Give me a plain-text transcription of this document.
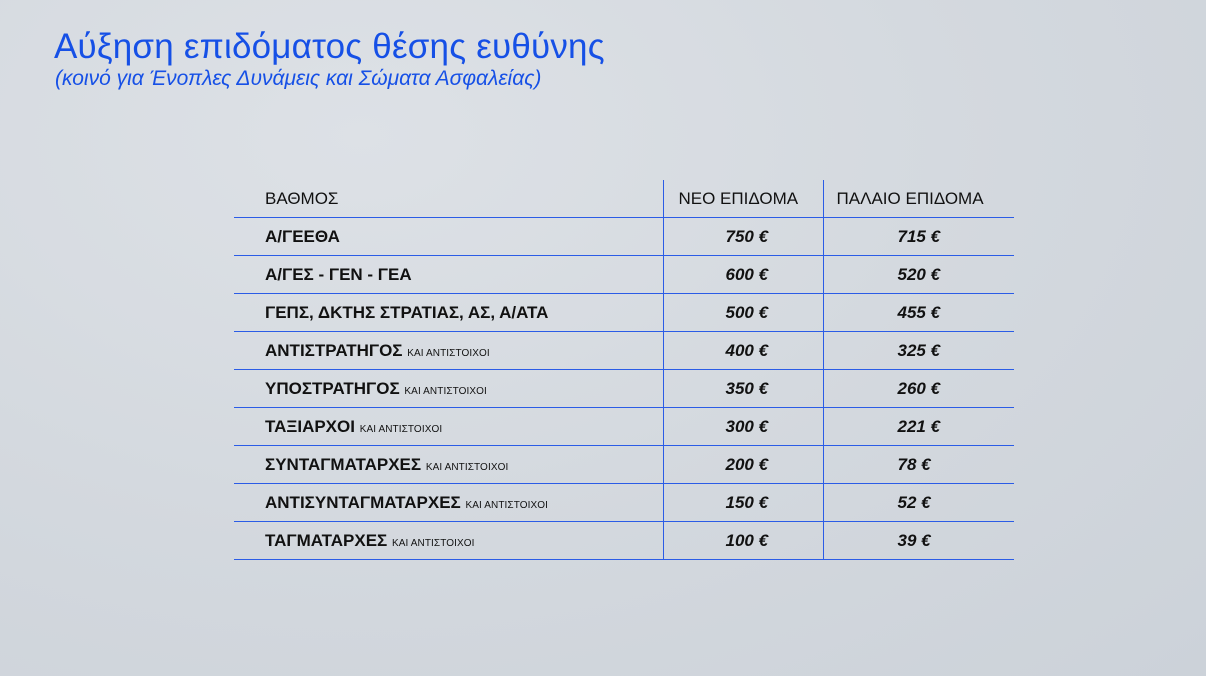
Αύξηση επιδόματος θέσης ευθύνης

(κοινό για Ένοπλες Δυνάμεις και Σώματα Ασφαλείας)

ΒΑΘΜΟΣ	ΝΕΟ ΕΠΙΔΟΜΑ	ΠΑΛΑΙΟ ΕΠΙΔΟΜΑ
Α/ΓΕΕΘΑ	750 €	715 €
Α/ΓΕΣ - ΓΕΝ - ΓΕΑ	600 €	520 €
ΓΕΠΣ, ΔΚΤΗΣ ΣΤΡΑΤΙΑΣ, ΑΣ, Α/ΑΤΑ	500 €	455 €
ΑΝΤΙΣΤΡΑΤΗΓΟΣ ΚΑΙ ΑΝΤΙΣΤΟΙΧΟΙ	400 €	325 €
ΥΠΟΣΤΡΑΤΗΓΟΣ ΚΑΙ ΑΝΤΙΣΤΟΙΧΟΙ	350 €	260 €
ΤΑΞΙΑΡΧΟΙ ΚΑΙ ΑΝΤΙΣΤΟΙΧΟΙ	300 €	221 €
ΣΥΝΤΑΓΜΑΤΑΡΧΕΣ ΚΑΙ ΑΝΤΙΣΤΟΙΧΟΙ	200 €	78 €
ΑΝΤΙΣΥΝΤΑΓΜΑΤΑΡΧΕΣ ΚΑΙ ΑΝΤΙΣΤΟΙΧΟΙ	150 €	52 €
ΤΑΓΜΑΤΑΡΧΕΣ ΚΑΙ ΑΝΤΙΣΤΟΙΧΟΙ	100 €	39 €
